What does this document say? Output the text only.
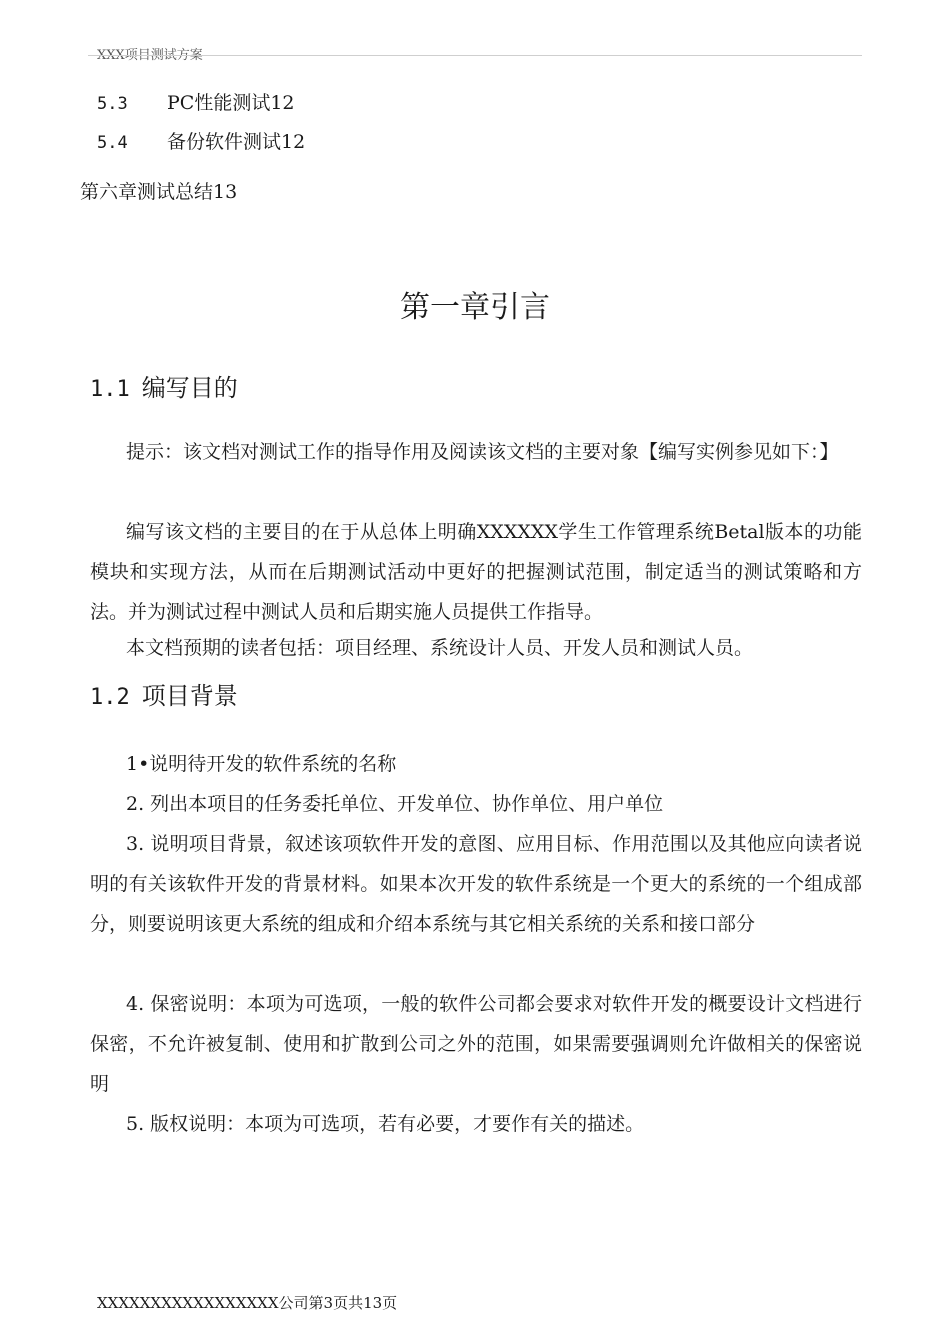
XXX项目测试方案
5.3 PC性能测试12
5.4 备份软件测试12
第六章测试总结13
第一章引言
1.1 编写目的
提示：该文档对测试工作的指导作用及阅读该文档的主要对象【编写实例参见如下：】
编写该文档的主要目的在于从总体上明确XXXXXX学生工作管理系统Betal版本的功能模块和实现方法，从而在后期测试活动中更好的把握测试范围，制定适当的测试策略和方法。并为测试过程中测试人员和后期实施人员提供工作指导。
本文档预期的读者包括：项目经理、系统设计人员、开发人员和测试人员。
1.2 项目背景
1•说明待开发的软件系统的名称
2. 列出本项目的任务委托单位、开发单位、协作单位、用户单位
3. 说明项目背景，叙述该项软件开发的意图、应用目标、作用范围以及其他应向读者说明的有关该软件开发的背景材料。如果本次开发的软件系统是一个更大的系统的一个组成部分，则要说明该更大系统的组成和介绍本系统与其它相关系统的关系和接口部分
4. 保密说明：本项为可选项，一般的软件公司都会要求对软件开发的概要设计文档进行保密，不允许被复制、使用和扩散到公司之外的范围，如果需要强调则允许做相关的保密说明
5. 版权说明：本项为可选项，若有必要，才要作有关的描述。
XXXXXXXXXXXXXXXXX公司第3页共13页
